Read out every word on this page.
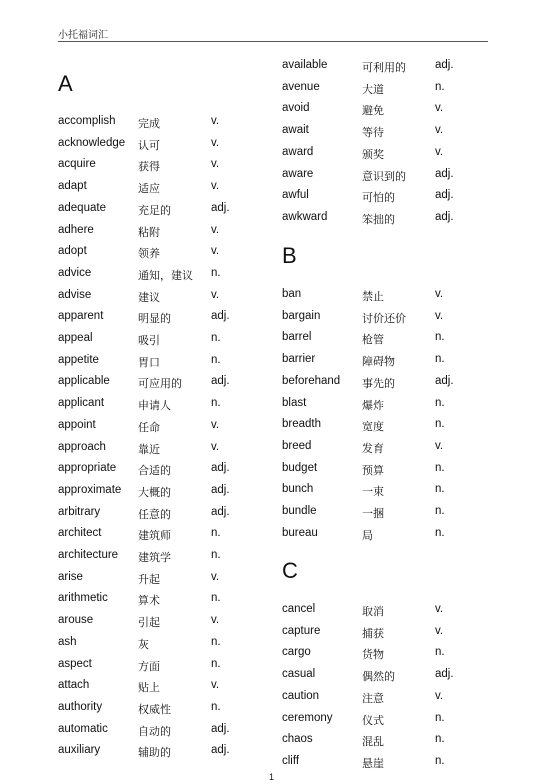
小托福词汇
A
accomplish 完成	v.
acknowledge 认可	v.
acquire	获得	v.
adapt	适应	v.
adequate	充足的	adj.
adhere	粘附	v.
adopt	领养	v.
advice	通知，建议 n.
advise	建议	v.
apparent	明显的	adj.
appeal	吸引	n.
appetite	胃口	n.
applicable	可应用的	adj.
applicant	申请人	n.
appoint	任命	v.
approach	靠近	v.
appropriate 合适的	adj.
approximate 大概的	adj.
arbitrary	任意的	adj.
architect	建筑师	n.
architecture 建筑学	n.
arise	升起	v.
arithmetic	算术	n.
arouse	引起	v.
ash	灰	n.
aspect	方面	n.
attach	贴上	v.
authority	权威性	n.
automatic	自动的	adj.
auxiliary	辅助的	adj.
available	可利用的	adj.
avenue	大道	n.
avoid	避免	v.
await	等待	v.
award	颁奖	v.
aware	意识到的	adj.
awful	可怕的	adj.
awkward	笨拙的	adj.
B
ban	禁止	v.
bargain	讨价还价	v.
barrel	枪管	n.
barrier	障碍物	n.
beforehand 事先的	adj.
blast	爆炸	n.
breadth	宽度	n.
breed	发育	v.
budget	预算	n.
bunch	一束	n.
bundle	一捆	n.
bureau	局	n.
C
cancel	取消	v.
capture	捕获	v.
cargo	货物	n.
casual	偶然的	adj.
caution	注意	v.
ceremony	仪式	n.
chaos	混乱	n.
cliff	悬崖	n.
1
